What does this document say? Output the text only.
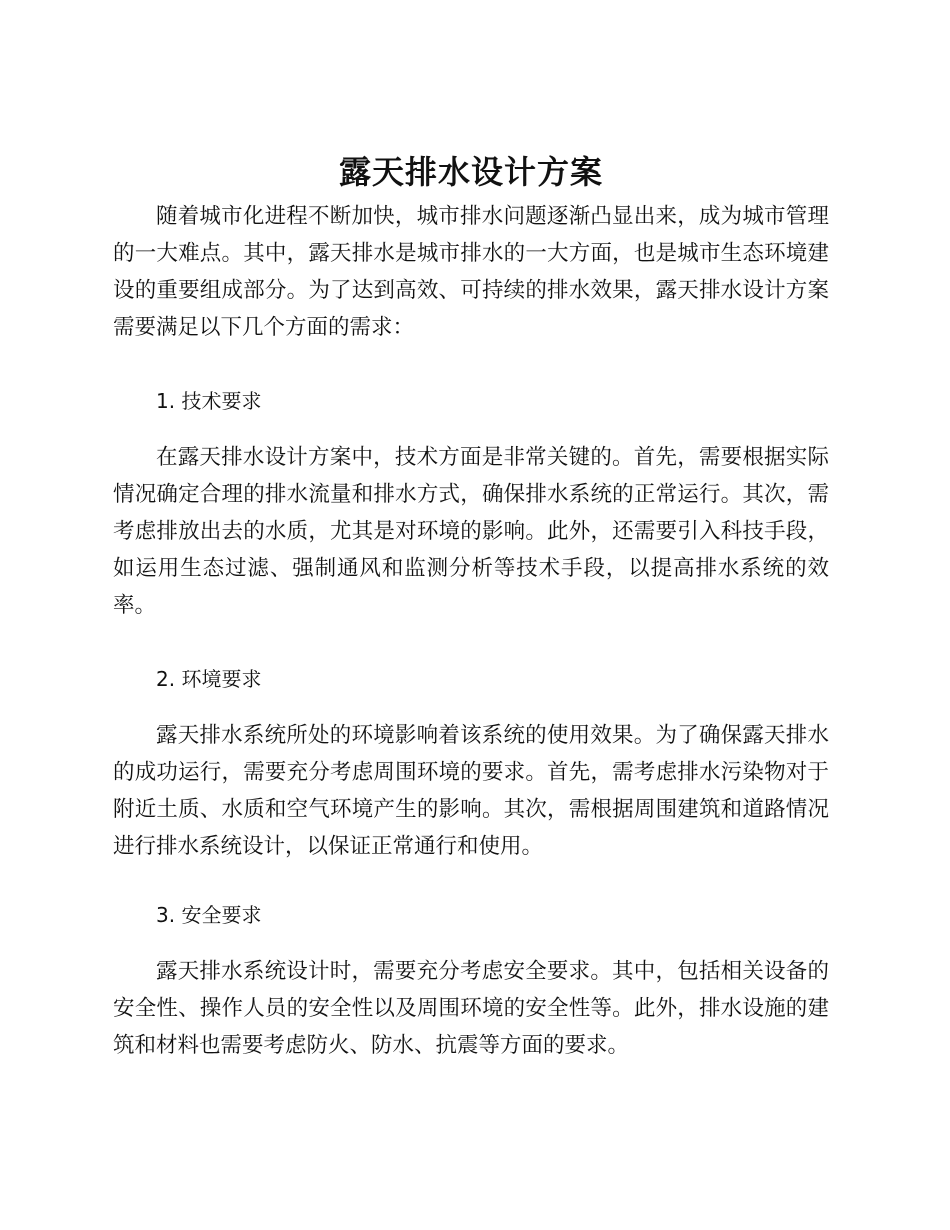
露天排水设计方案

随着城市化进程不断加快，城市排水问题逐渐凸显出来，成为城市管理的一大难点。其中，露天排水是城市排水的一大方面，也是城市生态环境建设的重要组成部分。为了达到高效、可持续的排水效果，露天排水设计方案需要满足以下几个方面的需求：

1. 技术要求

在露天排水设计方案中，技术方面是非常关键的。首先，需要根据实际情况确定合理的排水流量和排水方式，确保排水系统的正常运行。其次，需考虑排放出去的水质，尤其是对环境的影响。此外，还需要引入科技手段，如运用生态过滤、强制通风和监测分析等技术手段，以提高排水系统的效率。

2. 环境要求

露天排水系统所处的环境影响着该系统的使用效果。为了确保露天排水的成功运行，需要充分考虑周围环境的要求。首先，需考虑排水污染物对于附近土质、水质和空气环境产生的影响。其次，需根据周围建筑和道路情况进行排水系统设计，以保证正常通行和使用。

3. 安全要求

露天排水系统设计时，需要充分考虑安全要求。其中，包括相关设备的安全性、操作人员的安全性以及周围环境的安全性等。此外，排水设施的建筑和材料也需要考虑防火、防水、抗震等方面的要求。
